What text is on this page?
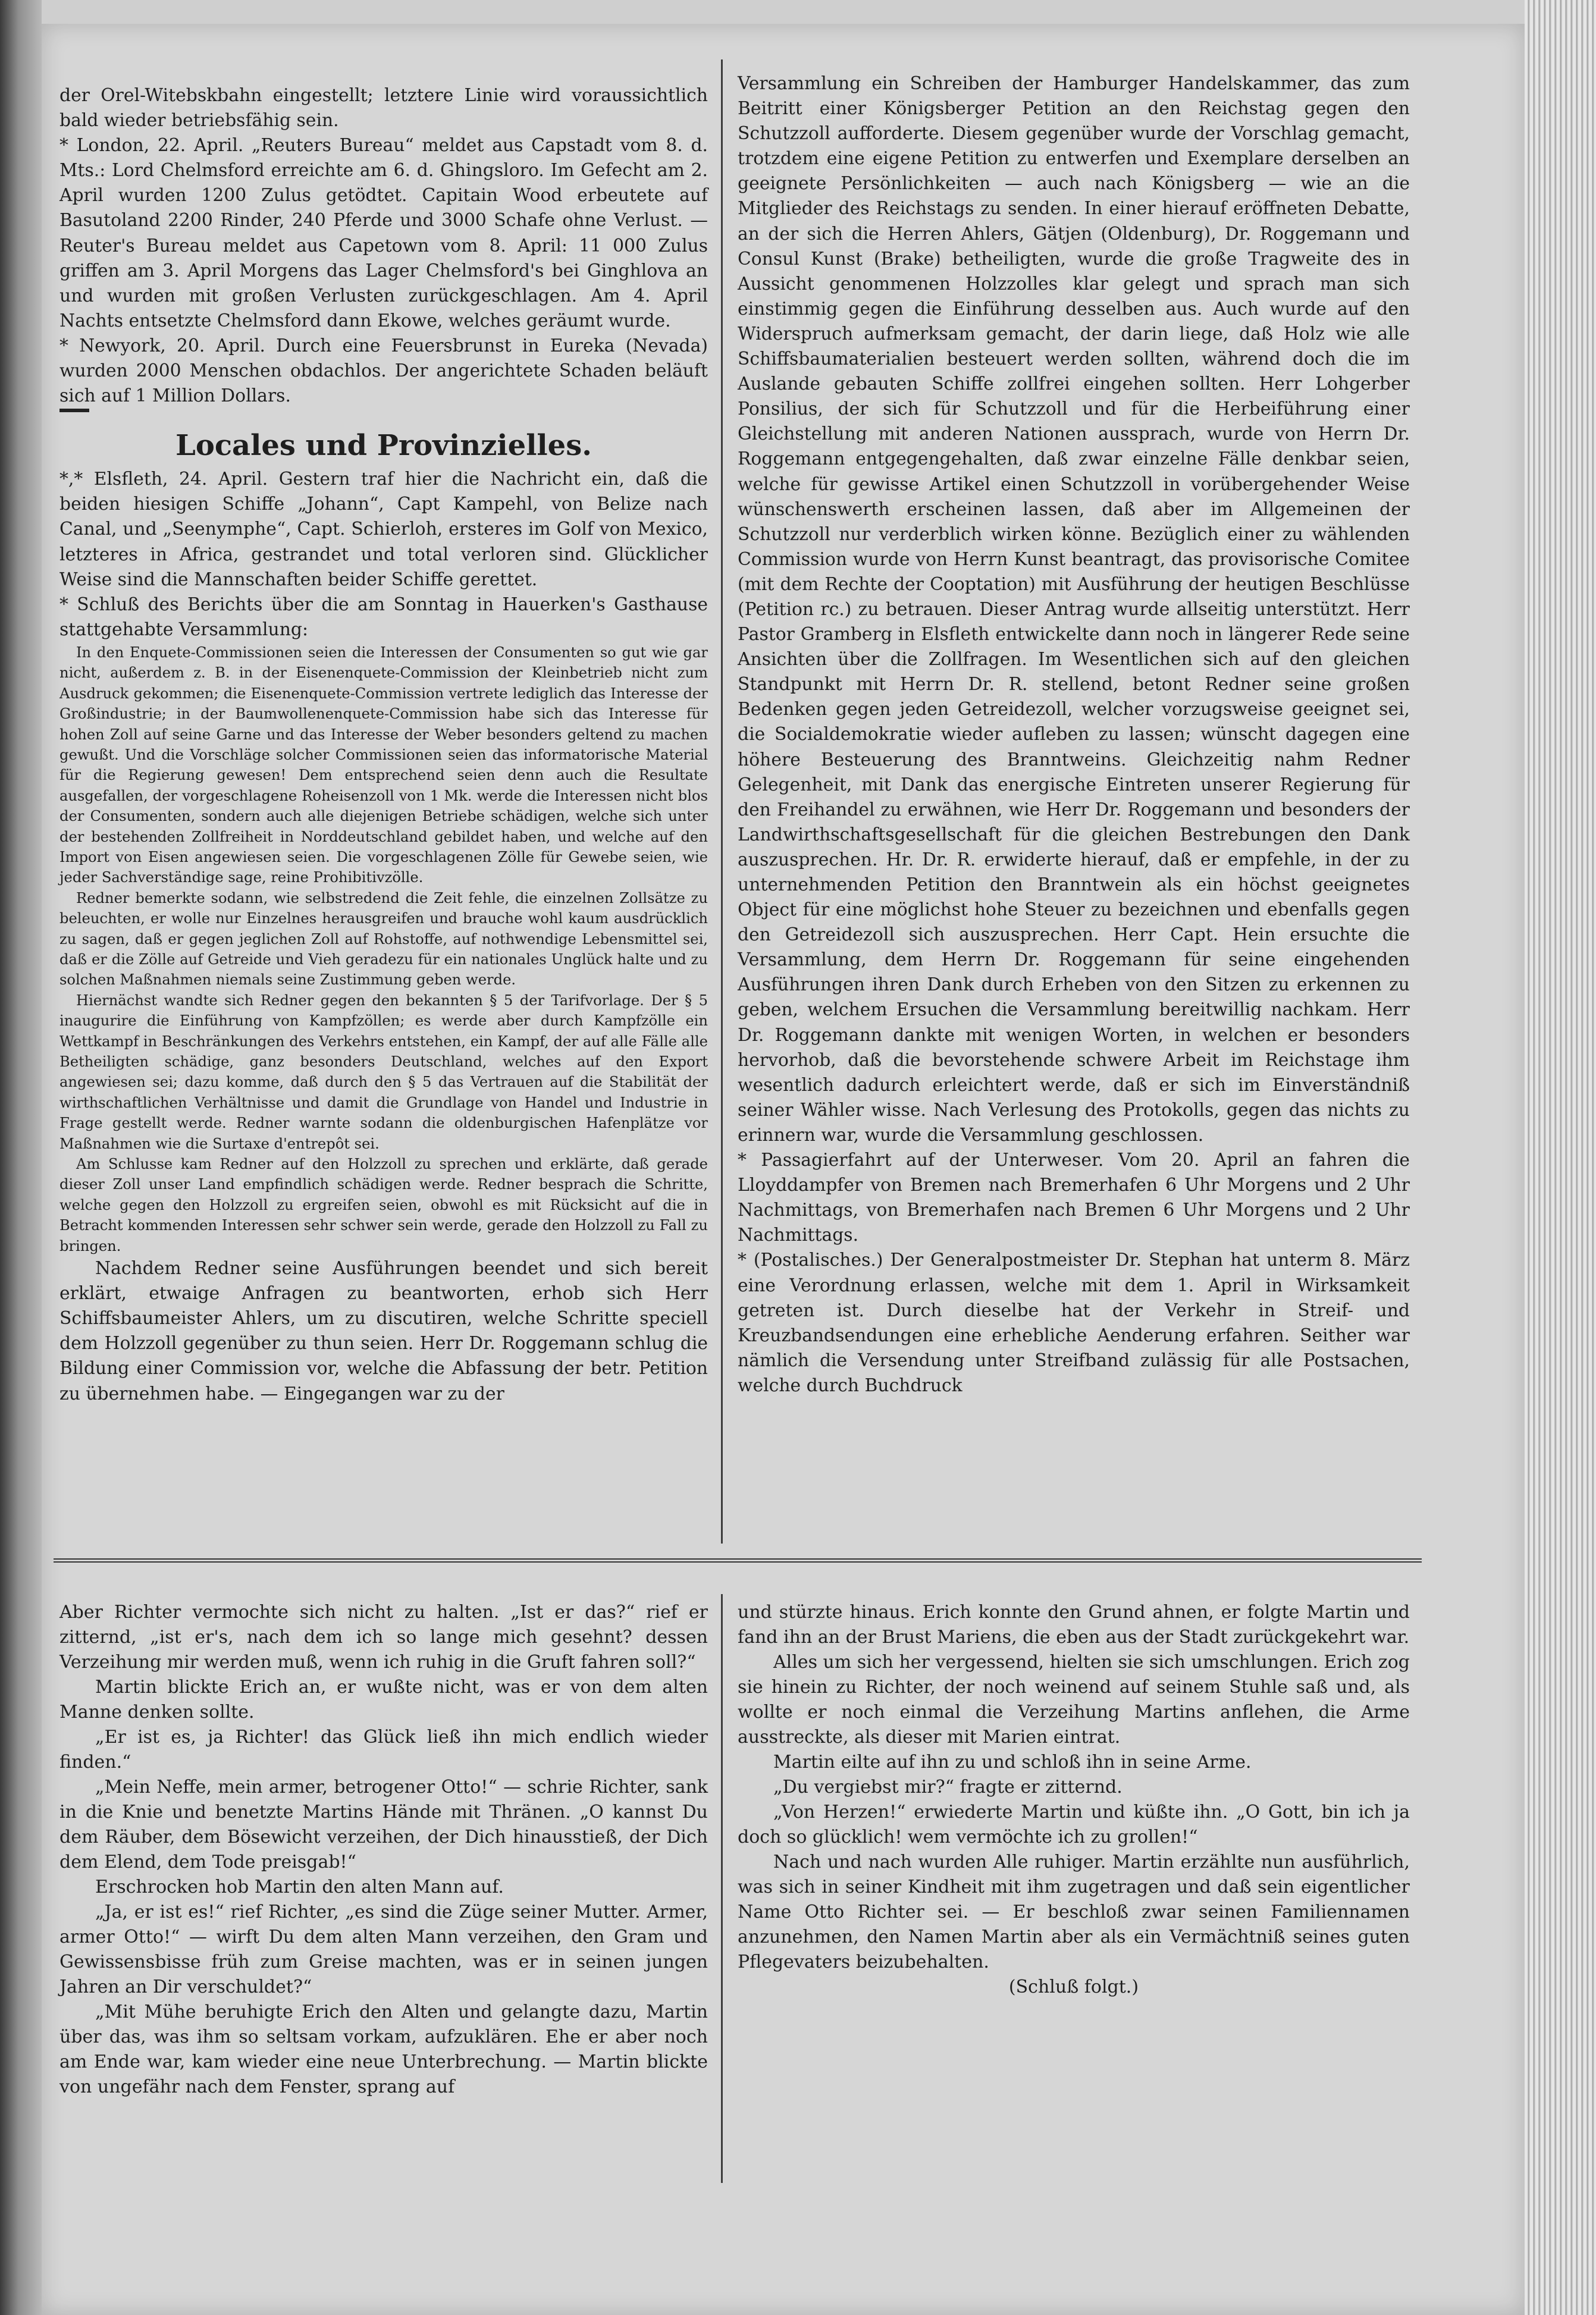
der Orel-Witebskbahn eingestellt; letztere Linie wird voraussichtlich bald wieder betriebsfähig sein.

* London, 22. April. „Reuters Bureau“ meldet aus Capstadt vom 8. d. Mts.: Lord Chelmsford erreichte am 6. d. Ghingsloro. Im Gefecht am 2. April wurden 1200 Zulus getödtet. Capitain Wood erbeutete auf Basutoland 2200 Rinder, 240 Pferde und 3000 Schafe ohne Verlust. — Reuter's Bureau meldet aus Capetown vom 8. April: 11 000 Zulus griffen am 3. April Morgens das Lager Chelmsford's bei Ginghlova an und wurden mit großen Verlusten zurückgeschlagen. Am 4. April Nachts entsetzte Chelmsford dann Ekowe, welches geräumt wurde.

* Newyork, 20. April. Durch eine Feuersbrunst in Eureka (Nevada) wurden 2000 Menschen obdachlos. Der angerichtete Schaden beläuft sich auf 1 Million Dollars.

Locales und Provinzielles.

*,* Elsfleth, 24. April. Gestern traf hier die Nachricht ein, daß die beiden hiesigen Schiffe „Johann“, Capt Kampehl, von Belize nach Canal, und „Seenymphe“, Capt. Schierloh, ersteres im Golf von Mexico, letzteres in Africa, gestrandet und total verloren sind. Glücklicher Weise sind die Mannschaften beider Schiffe gerettet.

* Schluß des Berichts über die am Sonntag in Hauerken's Gasthause stattgehabte Versammlung:

In den Enquete-Commissionen seien die Interessen der Consumenten so gut wie gar nicht, außerdem z. B. in der Eisenenquete-Commission der Kleinbetrieb nicht zum Ausdruck gekommen; die Eisenenquete-Commission vertrete lediglich das Interesse der Großindustrie; in der Baumwollenenquete-Commission habe sich das Interesse für hohen Zoll auf seine Garne und das Interesse der Weber besonders geltend zu machen gewußt. Und die Vorschläge solcher Commissionen seien das informatorische Material für die Regierung gewesen! Dem entsprechend seien denn auch die Resultate ausgefallen, der vorgeschlagene Roheisenzoll von 1 Mk. werde die Interessen nicht blos der Consumenten, sondern auch alle diejenigen Betriebe schädigen, welche sich unter der bestehenden Zollfreiheit in Norddeutschland gebildet haben, und welche auf den Import von Eisen angewiesen seien. Die vorgeschlagenen Zölle für Gewebe seien, wie jeder Sachverständige sage, reine Prohibitivzölle.

Redner bemerkte sodann, wie selbstredend die Zeit fehle, die einzelnen Zollsätze zu beleuchten, er wolle nur Einzelnes herausgreifen und brauche wohl kaum ausdrücklich zu sagen, daß er gegen jeglichen Zoll auf Rohstoffe, auf nothwendige Lebensmittel sei, daß er die Zölle auf Getreide und Vieh geradezu für ein nationales Unglück halte und zu solchen Maßnahmen niemals seine Zustimmung geben werde.

Hiernächst wandte sich Redner gegen den bekannten § 5 der Tarifvorlage. Der § 5 inaugurire die Einführung von Kampfzöllen; es werde aber durch Kampfzölle ein Wettkampf in Beschränkungen des Verkehrs entstehen, ein Kampf, der auf alle Fälle alle Betheiligten schädige, ganz besonders Deutschland, welches auf den Export angewiesen sei; dazu komme, daß durch den § 5 das Vertrauen auf die Stabilität der wirthschaftlichen Verhältnisse und damit die Grundlage von Handel und Industrie in Frage gestellt werde. Redner warnte sodann die oldenburgischen Hafenplätze vor Maßnahmen wie die Surtaxe d'entrepôt sei.

Am Schlusse kam Redner auf den Holzzoll zu sprechen und erklärte, daß gerade dieser Zoll unser Land empfindlich schädigen werde. Redner besprach die Schritte, welche gegen den Holzzoll zu ergreifen seien, obwohl es mit Rücksicht auf die in Betracht kommenden Interessen sehr schwer sein werde, gerade den Holzzoll zu Fall zu bringen.

Nachdem Redner seine Ausführungen beendet und sich bereit erklärt, etwaige Anfragen zu beantworten, erhob sich Herr Schiffsbaumeister Ahlers, um zu discutiren, welche Schritte speciell dem Holzzoll gegenüber zu thun seien. Herr Dr. Roggemann schlug die Bildung einer Commission vor, welche die Abfassung der betr. Petition zu übernehmen habe. — Eingegangen war zu der

Versammlung ein Schreiben der Hamburger Handelskammer, das zum Beitritt einer Königsberger Petition an den Reichstag gegen den Schutzzoll aufforderte. Diesem gegenüber wurde der Vorschlag gemacht, trotzdem eine eigene Petition zu entwerfen und Exemplare derselben an geeignete Persönlichkeiten — auch nach Königsberg — wie an die Mitglieder des Reichstags zu senden. In einer hierauf eröffneten Debatte, an der sich die Herren Ahlers, Gätjen (Oldenburg), Dr. Roggemann und Consul Kunst (Brake) betheiligten, wurde die große Tragweite des in Aussicht genommenen Holzzolles klar gelegt und sprach man sich einstimmig gegen die Einführung desselben aus. Auch wurde auf den Widerspruch aufmerksam gemacht, der darin liege, daß Holz wie alle Schiffsbaumaterialien besteuert werden sollten, während doch die im Auslande gebauten Schiffe zollfrei eingehen sollten. Herr Lohgerber Ponsilius, der sich für Schutzzoll und für die Herbeiführung einer Gleichstellung mit anderen Nationen aussprach, wurde von Herrn Dr. Roggemann entgegengehalten, daß zwar einzelne Fälle denkbar seien, welche für gewisse Artikel einen Schutzzoll in vorübergehender Weise wünschenswerth erscheinen lassen, daß aber im Allgemeinen der Schutzzoll nur verderblich wirken könne. Bezüglich einer zu wählenden Commission wurde von Herrn Kunst beantragt, das provisorische Comitee (mit dem Rechte der Cooptation) mit Ausführung der heutigen Beschlüsse (Petition rc.) zu betrauen. Dieser Antrag wurde allseitig unterstützt. Herr Pastor Gramberg in Elsfleth entwickelte dann noch in längerer Rede seine Ansichten über die Zollfragen. Im Wesentlichen sich auf den gleichen Standpunkt mit Herrn Dr. R. stellend, betont Redner seine großen Bedenken gegen jeden Getreidezoll, welcher vorzugsweise geeignet sei, die Socialdemokratie wieder aufleben zu lassen; wünscht dagegen eine höhere Besteuerung des Branntweins. Gleichzeitig nahm Redner Gelegenheit, mit Dank das energische Eintreten unserer Regierung für den Freihandel zu erwähnen, wie Herr Dr. Roggemann und besonders der Landwirthschaftsgesellschaft für die gleichen Bestrebungen den Dank auszusprechen. Hr. Dr. R. erwiderte hierauf, daß er empfehle, in der zu unternehmenden Petition den Branntwein als ein höchst geeignetes Object für eine möglichst hohe Steuer zu bezeichnen und ebenfalls gegen den Getreidezoll sich auszusprechen. Herr Capt. Hein ersuchte die Versammlung, dem Herrn Dr. Roggemann für seine eingehenden Ausführungen ihren Dank durch Erheben von den Sitzen zu erkennen zu geben, welchem Ersuchen die Versammlung bereitwillig nachkam. Herr Dr. Roggemann dankte mit wenigen Worten, in welchen er besonders hervorhob, daß die bevorstehende schwere Arbeit im Reichstage ihm wesentlich dadurch erleichtert werde, daß er sich im Einverständniß seiner Wähler wisse. Nach Verlesung des Protokolls, gegen das nichts zu erinnern war, wurde die Versammlung geschlossen.

* Passagierfahrt auf der Unterweser. Vom 20. April an fahren die Lloyddampfer von Bremen nach Bremerhafen 6 Uhr Morgens und 2 Uhr Nachmittags, von Bremerhafen nach Bremen 6 Uhr Morgens und 2 Uhr Nachmittags.

* (Postalisches.) Der Generalpostmeister Dr. Stephan hat unterm 8. März eine Verordnung erlassen, welche mit dem 1. April in Wirksamkeit getreten ist. Durch dieselbe hat der Verkehr in Streif- und Kreuzbandsendungen eine erhebliche Aenderung erfahren. Seither war nämlich die Versendung unter Streifband zulässig für alle Postsachen, welche durch Buchdruck

Aber Richter vermochte sich nicht zu halten. „Ist er das?“ rief er zitternd, „ist er's, nach dem ich so lange mich gesehnt? dessen Verzeihung mir werden muß, wenn ich ruhig in die Gruft fahren soll?“

Martin blickte Erich an, er wußte nicht, was er von dem alten Manne denken sollte.

„Er ist es, ja Richter! das Glück ließ ihn mich endlich wieder finden.“

„Mein Neffe, mein armer, betrogener Otto!“ — schrie Richter, sank in die Knie und benetzte Martins Hände mit Thränen. „O kannst Du dem Räuber, dem Bösewicht verzeihen, der Dich hinausstieß, der Dich dem Elend, dem Tode preisgab!“

Erschrocken hob Martin den alten Mann auf.

„Ja, er ist es!“ rief Richter, „es sind die Züge seiner Mutter. Armer, armer Otto!“ — wirft Du dem alten Mann verzeihen, den Gram und Gewissensbisse früh zum Greise machten, was er in seinen jungen Jahren an Dir verschuldet?“

„Mit Mühe beruhigte Erich den Alten und gelangte dazu, Martin über das, was ihm so seltsam vorkam, aufzuklären. Ehe er aber noch am Ende war, kam wieder eine neue Unterbrechung. — Martin blickte von ungefähr nach dem Fenster, sprang auf

und stürzte hinaus. Erich konnte den Grund ahnen, er folgte Martin und fand ihn an der Brust Mariens, die eben aus der Stadt zurückgekehrt war.

Alles um sich her vergessend, hielten sie sich umschlungen. Erich zog sie hinein zu Richter, der noch weinend auf seinem Stuhle saß und, als wollte er noch einmal die Verzeihung Martins anflehen, die Arme ausstreckte, als dieser mit Marien eintrat.

Martin eilte auf ihn zu und schloß ihn in seine Arme.

„Du vergiebst mir?“ fragte er zitternd.

„Von Herzen!“ erwiederte Martin und küßte ihn. „O Gott, bin ich ja doch so glücklich! wem vermöchte ich zu grollen!“

Nach und nach wurden Alle ruhiger. Martin erzählte nun ausführlich, was sich in seiner Kindheit mit ihm zugetragen und daß sein eigentlicher Name Otto Richter sei. — Er beschloß zwar seinen Familiennamen anzunehmen, den Namen Martin aber als ein Vermächtniß seines guten Pflegevaters beizubehalten.

(Schluß folgt.)
